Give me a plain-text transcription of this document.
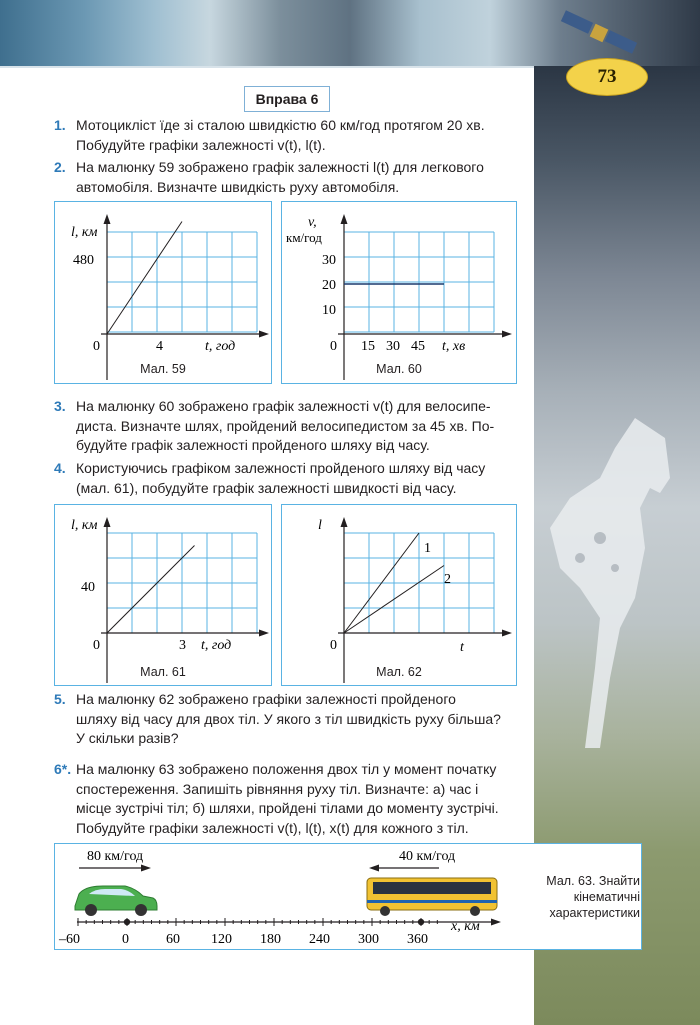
73
Вправа 6
1. Мотоцикліст їде зі сталою швидкістю 60 км/год протягом 20 хв.
Побудуйте графіки залежності v(t), l(t).
2. На малюнку 59 зображено графік залежності l(t) для легкового
автомобіля. Визначте швидкість руху автомобіля.
l, км
480
0	4	t, год
Мал. 59
v,
км/год
30
20
10
0 15 30 45 t, хв
Мал. 60
3. На малюнку 60 зображено графік залежності v(t) для велосипе-
диста. Визначте шлях, пройдений велосипедистом за 45 хв. По-
будуйте графік залежності пройденого шляху від часу.
4. Користуючись графіком залежності пройденого шляху від часу
(мал. 61), побудуйте графік залежності швидкості від часу.
l, км
40
0	3 t, год
Мал. 61
l
1
2
0	t
Мал. 62
5. На малюнку 62 зображено графіки залежності пройденого
шляху від часу для двох тіл. У якого з тіл швидкість руху більша?
У скільки разів?
6*. На малюнку 63 зображено положення двох тіл у момент початку
спостереження. Запишіть рівняння руху тіл. Визначте: а) час і
місце зустрічі тіл; б) шляхи, пройдені тілами до моменту зустрічі.
Побудуйте графіки залежності v(t), l(t), x(t) для кожного з тіл.
80 км/год	40 км/год
–60	0	60 120 180 240 300 360
x, км
Мал. 63. Знайти
кінематичні
характеристики
